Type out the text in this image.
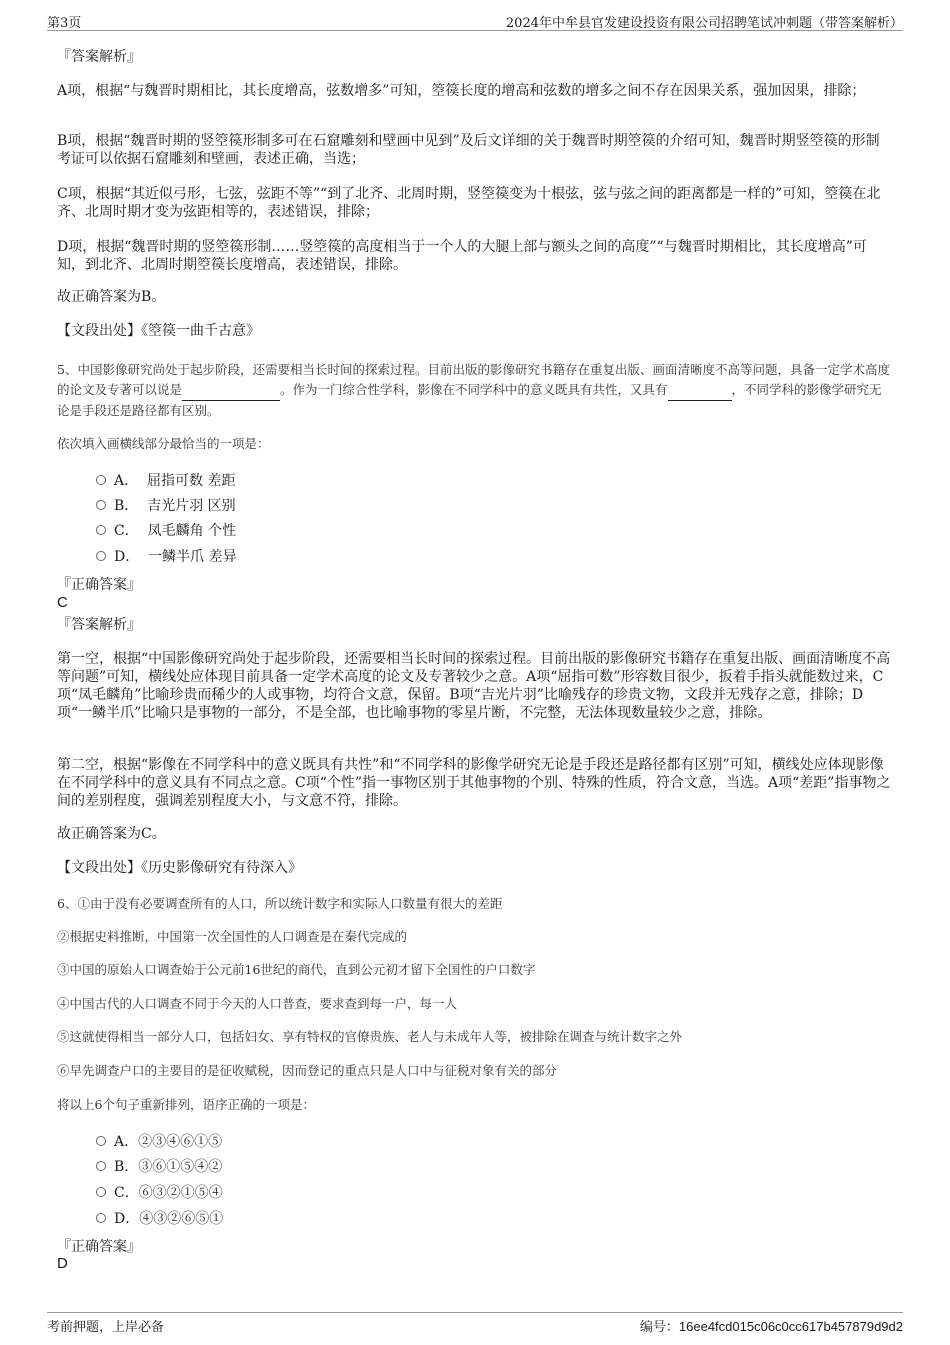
第3页	2024年中牟县官发建设投资有限公司招聘笔试冲刺题（带答案解析）
『答案解析』
A项，根据“与魏晋时期相比，其长度增高，弦数增多”可知，箜篌长度的增高和弦数的增多之间不存在因果关系，强加因果，排除；
B项，根据“魏晋时期的竖箜篌形制多可在石窟雕刻和壁画中见到”及后文详细的关于魏晋时期箜篌的介绍可知，魏晋时期竖箜篌的形制考证可以依据石窟雕刻和壁画，表述正确，当选；
C项，根据“其近似弓形，七弦，弦距不等”“到了北齐、北周时期，竖箜篌变为十根弦，弦与弦之间的距离都是一样的”可知，箜篌在北齐、北周时期才变为弦距相等的，表述错误，排除；
D项，根据“魏晋时期的竖箜篌形制……竖箜篌的高度相当于一个人的大腿上部与额头之间的高度”“与魏晋时期相比，其长度增高”可知，到北齐、北周时期箜篌长度增高，表述错误，排除。
故正确答案为B。
【文段出处】《箜篌一曲千古意》
5、中国影像研究尚处于起步阶段，还需要相当长时间的探索过程。目前出版的影像研究书籍存在重复出版、画面清晰度不高等问题，具备一定学术高度的论文及专著可以说是	。作为一门综合性学科，影像在不同学科中的意义既具有共性，又具有	，不同学科的影像学研究无论是手段还是路径都有区别。
依次填入画横线部分最恰当的一项是：
A． 屈指可数 差距
B． 吉光片羽 区别
C． 凤毛麟角 个性
D． 一鳞半爪 差异
『正确答案』
C
『答案解析』
第一空，根据“中国影像研究尚处于起步阶段，还需要相当长时间的探索过程。目前出版的影像研究书籍存在重复出版、画面清晰度不高等问题”可知，横线处应体现目前具备一定学术高度的论文及专著较少之意。A项“屈指可数”形容数目很少，扳着手指头就能数过来，C项“凤毛麟角”比喻珍贵而稀少的人或事物，均符合文意，保留。B项“吉光片羽”比喻残存的珍贵文物，文段并无残存之意，排除；D项“一鳞半爪”比喻只是事物的一部分，不是全部，也比喻事物的零星片断，不完整，无法体现数量较少之意，排除。
第二空，根据“影像在不同学科中的意义既具有共性”和“不同学科的影像学研究无论是手段还是路径都有区别”可知，横线处应体现影像在不同学科中的意义具有不同点之意。C项“个性”指一事物区别于其他事物的个别、特殊的性质，符合文意，当选。A项“差距”指事物之间的差别程度，强调差别程度大小，与文意不符，排除。
故正确答案为C。
【文段出处】《历史影像研究有待深入》
6、①由于没有必要调查所有的人口，所以统计数字和实际人口数量有很大的差距
②根据史料推断，中国第一次全国性的人口调查是在秦代完成的
③中国的原始人口调查始于公元前16世纪的商代，直到公元初才留下全国性的户口数字
④中国古代的人口调查不同于今天的人口普查，要求查到每一户，每一人
⑤这就使得相当一部分人口，包括妇女、享有特权的官僚贵族、老人与未成年人等，被排除在调查与统计数字之外
⑥早先调查户口的主要目的是征收赋税，因而登记的重点只是人口中与征税对象有关的部分
将以上6个句子重新排列，语序正确的一项是：
A．②③④⑥①⑤
B．③⑥①⑤④②
C．⑥③②①⑤④
D．④③②⑥⑤①
『正确答案』
D
考前押题，上岸必备	编号：16ee4fcd015c06c0cc617b457879d9d2
